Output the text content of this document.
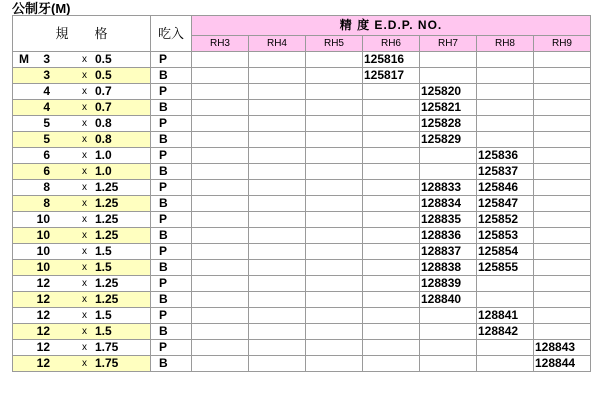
公制牙(M)
規　　格	吃入	精 度 E.D.P. NO.						
		RH3	RH4	RH5	RH6	RH7	RH8	RH9

M 3 x 0.5	P				125816			

3 x 0.5	B				125817			

4 x 0.7	P					125820		

4 x 0.7	B					125821		

5 x 0.8	P					125828		

5 x 0.8	B					125829		

6 x 1.0	P						125836	

6 x 1.0	B						125837	

8 x 1.25	P					128833	125846	

8 x 1.25	B					128834	125847	

10 x 1.25	P					128835	125852	

10 x 1.25	B					128836	125853	

10 x 1.5	P					128837	125854	

10 x 1.5	B					128838	125855	

12 x 1.25	P					128839		

12 x 1.25	B					128840		

12 x 1.5	P						128841	

12 x 1.5	B						128842	

12 x 1.75	P							128843

12 x 1.75	B							128844
